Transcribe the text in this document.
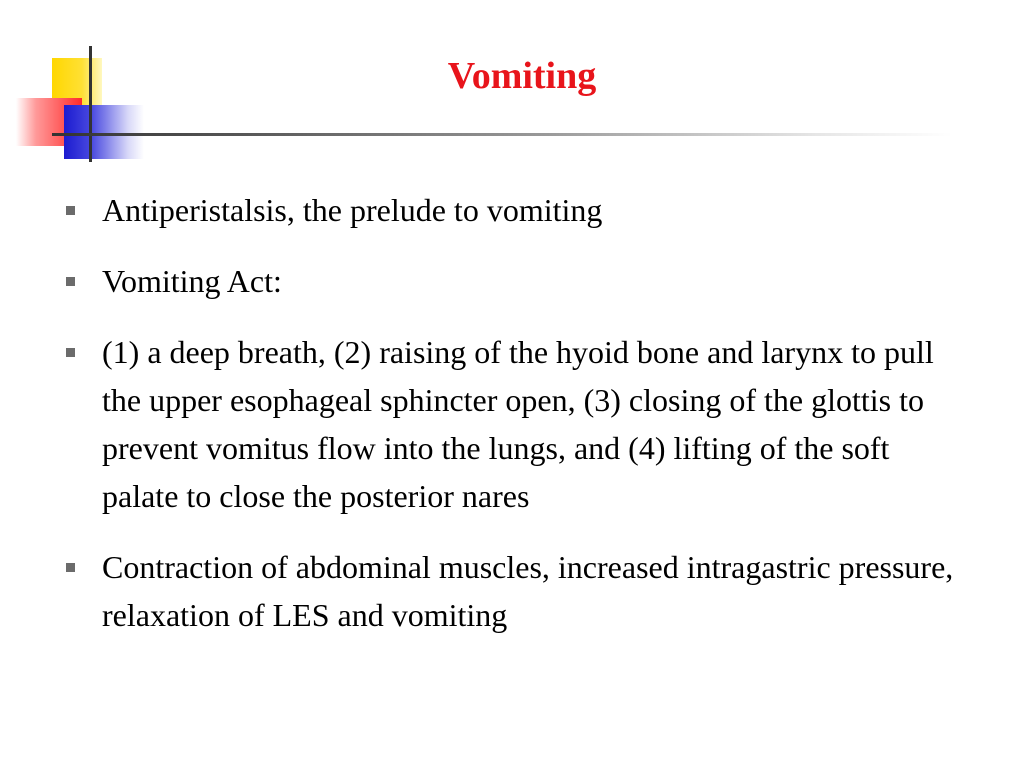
Vomiting
Antiperistalsis, the prelude to vomiting
Vomiting Act:
(1) a deep breath, (2) raising of the hyoid bone and larynx to pull the upper esophageal sphincter open, (3) closing of the glottis to prevent vomitus flow into the lungs, and (4) lifting of the soft palate to close the posterior nares
Contraction of abdominal muscles, increased intragastric pressure, relaxation of LES and vomiting
